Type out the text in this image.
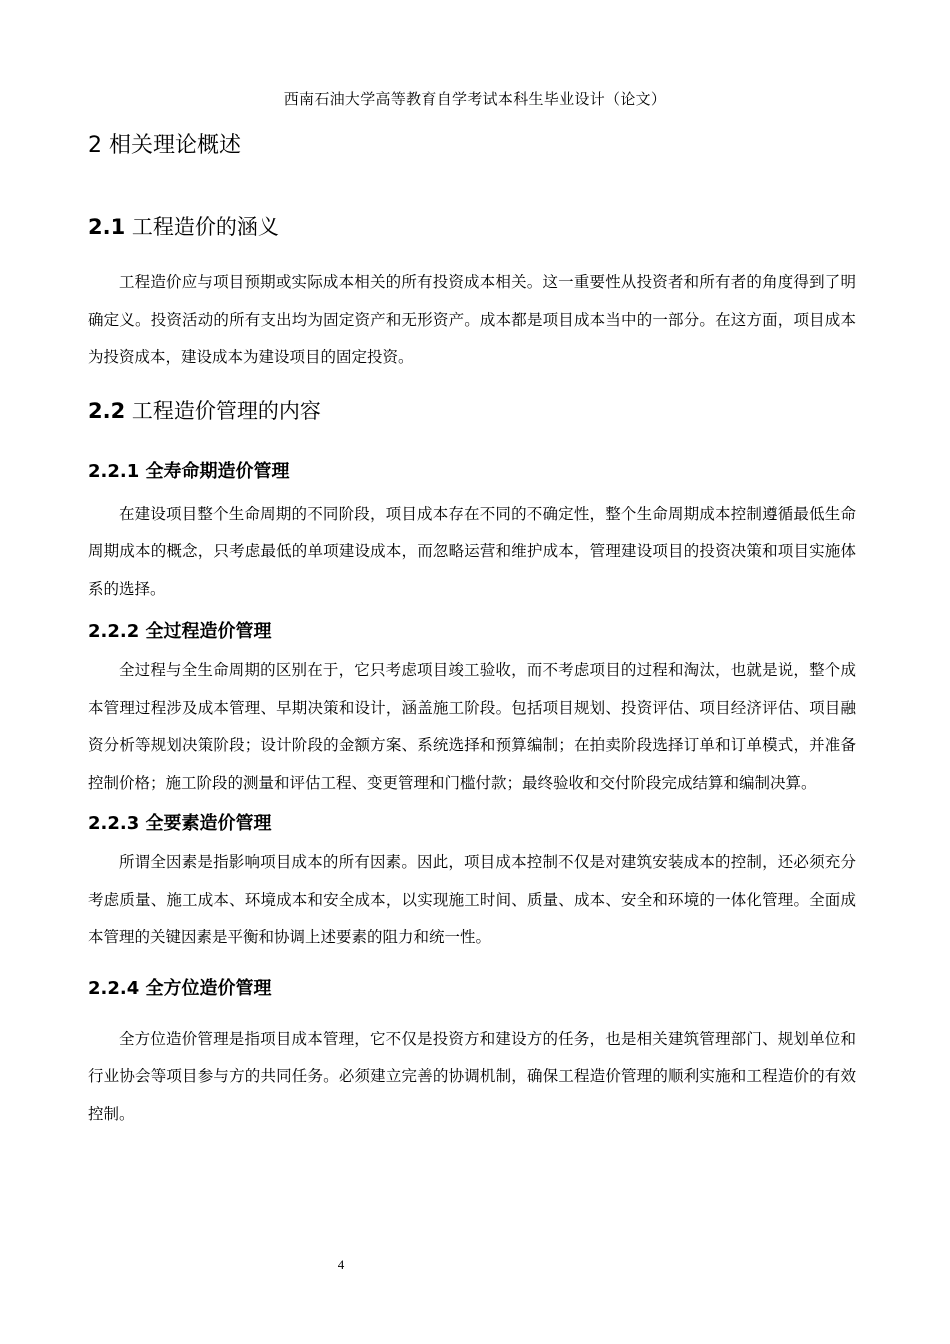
西南石油大学高等教育自学考试本科生毕业设计（论文）
2 相关理论概述
2.1 工程造价的涵义

工程造价应与项目预期或实际成本相关的所有投资成本相关。这一重要性从投资者和所有者的角度得到了明确定义。投资活动的所有支出均为固定资产和无形资产。成本都是项目成本当中的一部分。在这方面，项目成本为投资成本，建设成本为建设项目的固定投资。

2.2 工程造价管理的内容
2.2.1 全寿命期造价管理

在建设项目整个生命周期的不同阶段，项目成本存在不同的不确定性，整个生命周期成本控制遵循最低生命周期成本的概念，只考虑最低的单项建设成本，而忽略运营和维护成本，管理建设项目的投资决策和项目实施体系的选择。

2.2.2 全过程造价管理

全过程与全生命周期的区别在于，它只考虑项目竣工验收，而不考虑项目的过程和淘汰，也就是说，整个成本管理过程涉及成本管理、早期决策和设计，涵盖施工阶段。包括项目规划、投资评估、项目经济评估、项目融资分析等规划决策阶段；设计阶段的金额方案、系统选择和预算编制；在拍卖阶段选择订单和订单模式，并准备控制价格；施工阶段的测量和评估工程、变更管理和门槛付款；最终验收和交付阶段完成结算和编制决算。

2.2.3 全要素造价管理

所谓全因素是指影响项目成本的所有因素。因此，项目成本控制不仅是对建筑安装成本的控制，还必须充分考虑质量、施工成本、环境成本和安全成本，以实现施工时间、质量、成本、安全和环境的一体化管理。全面成本管理的关键因素是平衡和协调上述要素的阻力和统一性。

2.2.4 全方位造价管理

全方位造价管理是指项目成本管理，它不仅是投资方和建设方的任务，也是相关建筑管理部门、规划单位和行业协会等项目参与方的共同任务。必须建立完善的协调机制，确保工程造价管理的顺利实施和工程造价的有效控制。

4
